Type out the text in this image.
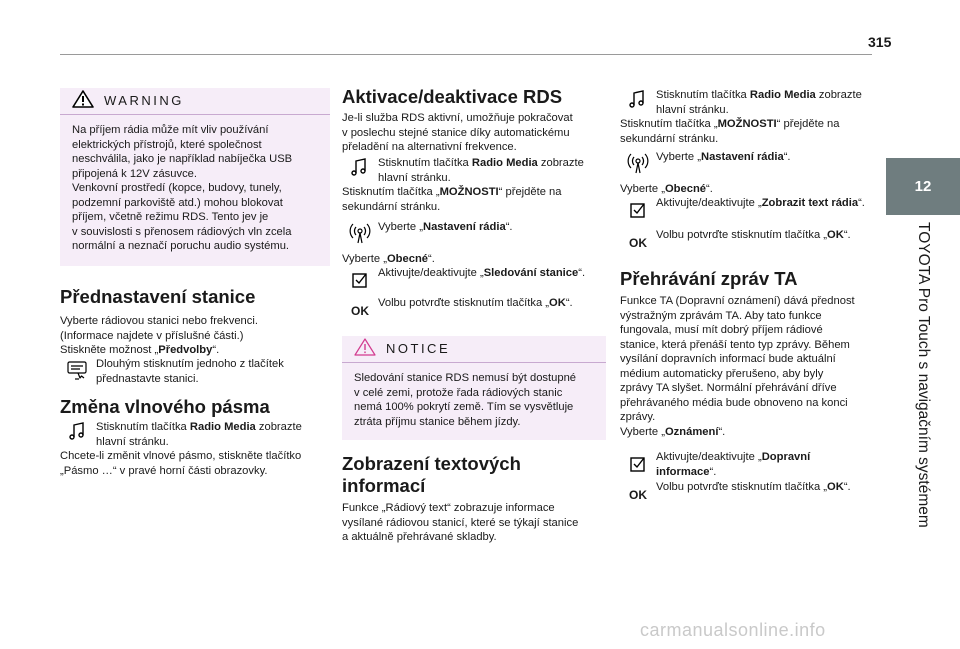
315
12
TOYOTA Pro Touch s navigačním systémem
WARNING
Na příjem rádia může mít vliv používání
elektrických přístrojů, které společnost
neschválila, jako je například nabíječka USB
připojená k 12V zásuvce.
Venkovní prostředí (kopce, budovy, tunely,
podzemní parkoviště atd.) mohou blokovat
příjem, včetně režimu RDS. Tento jev je
v souvislosti s přenosem rádiových vln zcela
normální a neznačí poruchu audio systému.
Přednastavení stanice
Vyberte rádiovou stanici nebo frekvenci.
(Informace najdete v příslušné části.)
Stiskněte možnost „Předvolby“.
Dlouhým stisknutím jednoho z tlačítek
přednastavte stanici.
Změna vlnového pásma
Stisknutím tlačítka Radio Media zobrazte
hlavní stránku.
Chcete-li změnit vlnové pásmo, stiskněte tlačítko
„Pásmo …“ v pravé horní části obrazovky.
Aktivace/deaktivace RDS
Je-li služba RDS aktivní, umožňuje pokračovat
v poslechu stejné stanice díky automatickému
přeladění na alternativní frekvence.
Stisknutím tlačítka Radio Media zobrazte
hlavní stránku.
Stisknutím tlačítka „MOŽNOSTI“ přejděte na
sekundární stránku.
Vyberte „Nastavení rádia“.
Vyberte „Obecné“.
Aktivujte/deaktivujte „Sledování stanice“.
OK
Volbu potvrďte stisknutím tlačítka „OK“.
NOTICE
Sledování stanice RDS nemusí být dostupné
v celé zemi, protože řada rádiových stanic
nemá 100% pokrytí země. Tím se vysvětluje
ztráta příjmu stanice během jízdy.
Zobrazení textových
informací
Funkce „Rádiový text“ zobrazuje informace
vysílané rádiovou stanicí, které se týkají stanice
a aktuálně přehrávané skladby.
Stisknutím tlačítka Radio Media zobrazte
hlavní stránku.
Stisknutím tlačítka „MOŽNOSTI“ přejděte na
sekundární stránku.
Vyberte „Nastavení rádia“.
Vyberte „Obecné“.
Aktivujte/deaktivujte „Zobrazit text rádia“.
OK
Volbu potvrďte stisknutím tlačítka „OK“.
Přehrávání zpráv TA
Funkce TA (Dopravní oznámení) dává přednost
výstražným zprávám TA. Aby tato funkce
fungovala, musí mít dobrý příjem rádiové
stanice, která přenáší tento typ zprávy. Během
vysílání dopravních informací bude aktuální
médium automaticky přerušeno, aby byly
zprávy TA slyšet. Normální přehrávání dříve
přehrávaného média bude obnoveno na konci
zprávy.
Vyberte „Oznámení“.
Aktivujte/deaktivujte „Dopravní
informace“.
OK
Volbu potvrďte stisknutím tlačítka „OK“.
carmanualsonline.info
